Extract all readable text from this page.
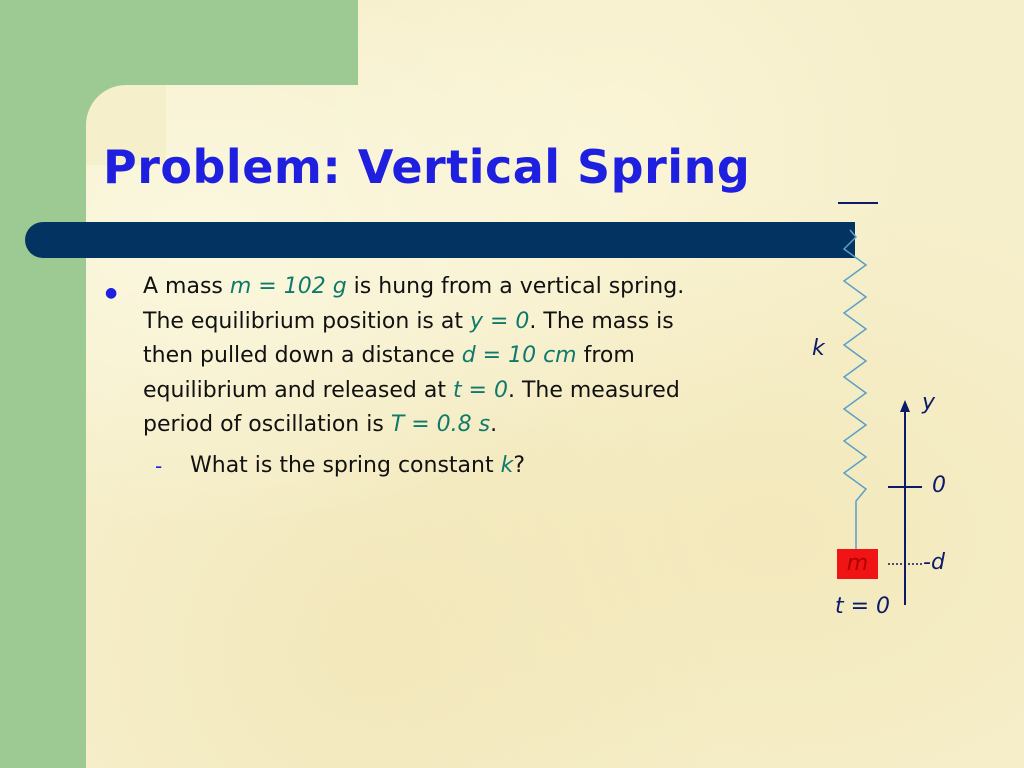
Problem: Vertical Spring
● A mass m = 102 g is hung from a vertical spring. The equilibrium position is at y = 0. The mass is then pulled down a distance d = 10 cm from equilibrium and released at t = 0. The measured period of oscillation is T = 0.8 s.
- What is the spring constant k?
k
y
0
-d
m
t = 0
